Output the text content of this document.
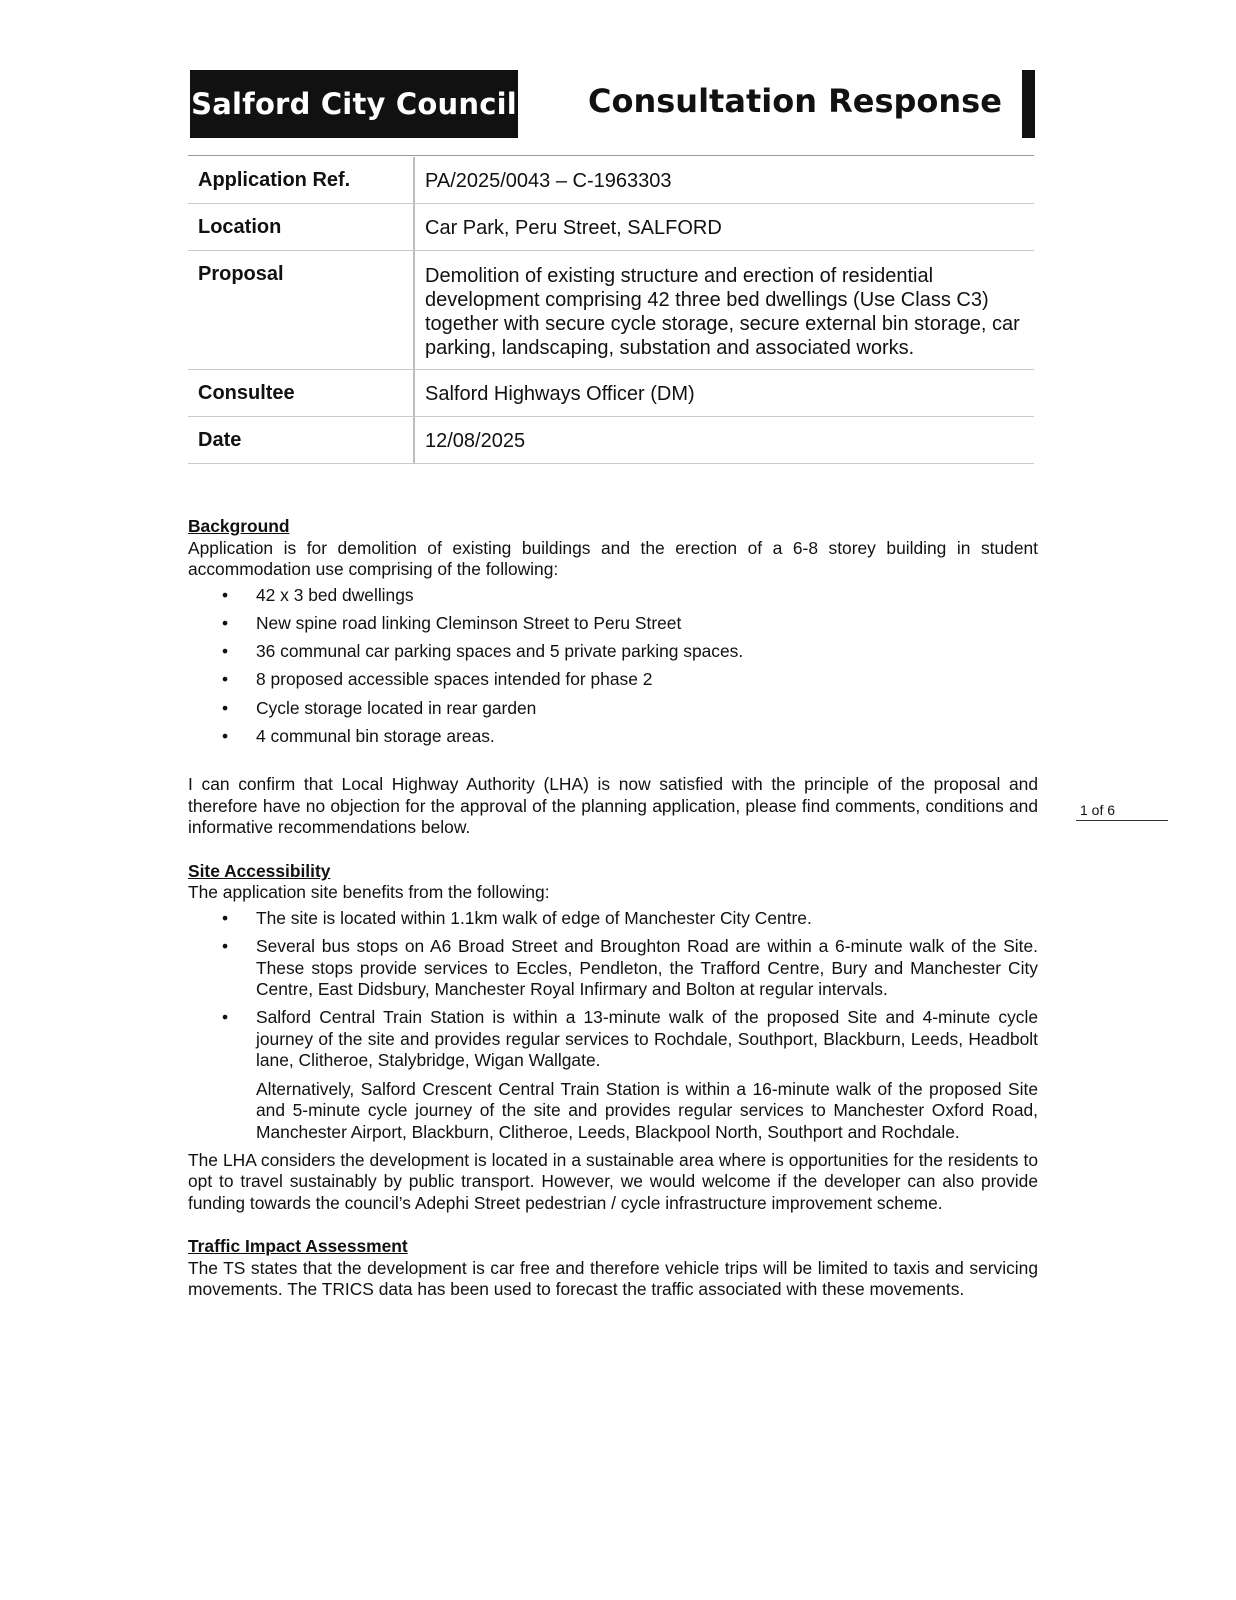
Salford City Council Consultation Response
Application Ref.	PA/2025/0043 – C-1963303
Location	Car Park, Peru Street, SALFORD
Proposal	Demolition of existing structure and erection of residential development comprising 42 three bed dwellings (Use Class C3) together with secure cycle storage, secure external bin storage, car parking, landscaping, substation and associated works.
Consultee	Salford Highways Officer (DM)
Date	12/08/2025

Background

Application is for demolition of existing buildings and the erection of a 6-8 storey building in student accommodation use comprising of the following:

• 42 x 3 bed dwellings
• New spine road linking Cleminson Street to Peru Street
• 36 communal car parking spaces and 5 private parking spaces.
• 8 proposed accessible spaces intended for phase 2
• Cycle storage located in rear garden
• 4 communal bin storage areas.

I can confirm that Local Highway Authority (LHA) is now satisfied with the principle of the proposal and therefore have no objection for the approval of the planning application, please find comments, conditions and informative recommendations below.

Site Accessibility

The application site benefits from the following:

• The site is located within 1.1km walk of edge of Manchester City Centre.
• Several bus stops on A6 Broad Street and Broughton Road are within a 6-minute walk of the Site. These stops provide services to Eccles, Pendleton, the Trafford Centre, Bury and Manchester City Centre, East Didsbury, Manchester Royal Infirmary and Bolton at regular intervals.
• Salford Central Train Station is within a 13-minute walk of the proposed Site and 4-minute cycle journey of the site and provides regular services to Rochdale, Southport, Blackburn, Leeds, Headbolt lane, Clitheroe, Stalybridge, Wigan Wallgate.
Alternatively, Salford Crescent Central Train Station is within a 16-minute walk of the proposed Site and 5-minute cycle journey of the site and provides regular services to Manchester Oxford Road, Manchester Airport, Blackburn, Clitheroe, Leeds, Blackpool North, Southport and Rochdale.

The LHA considers the development is located in a sustainable area where is opportunities for the residents to opt to travel sustainably by public transport. However, we would welcome if the developer can also provide funding towards the council’s Adephi Street pedestrian / cycle infrastructure improvement scheme.

Traffic Impact Assessment

The TS states that the development is car free and therefore vehicle trips will be limited to taxis and servicing movements. The TRICS data has been used to forecast the traffic associated with these movements.

1 of 6
